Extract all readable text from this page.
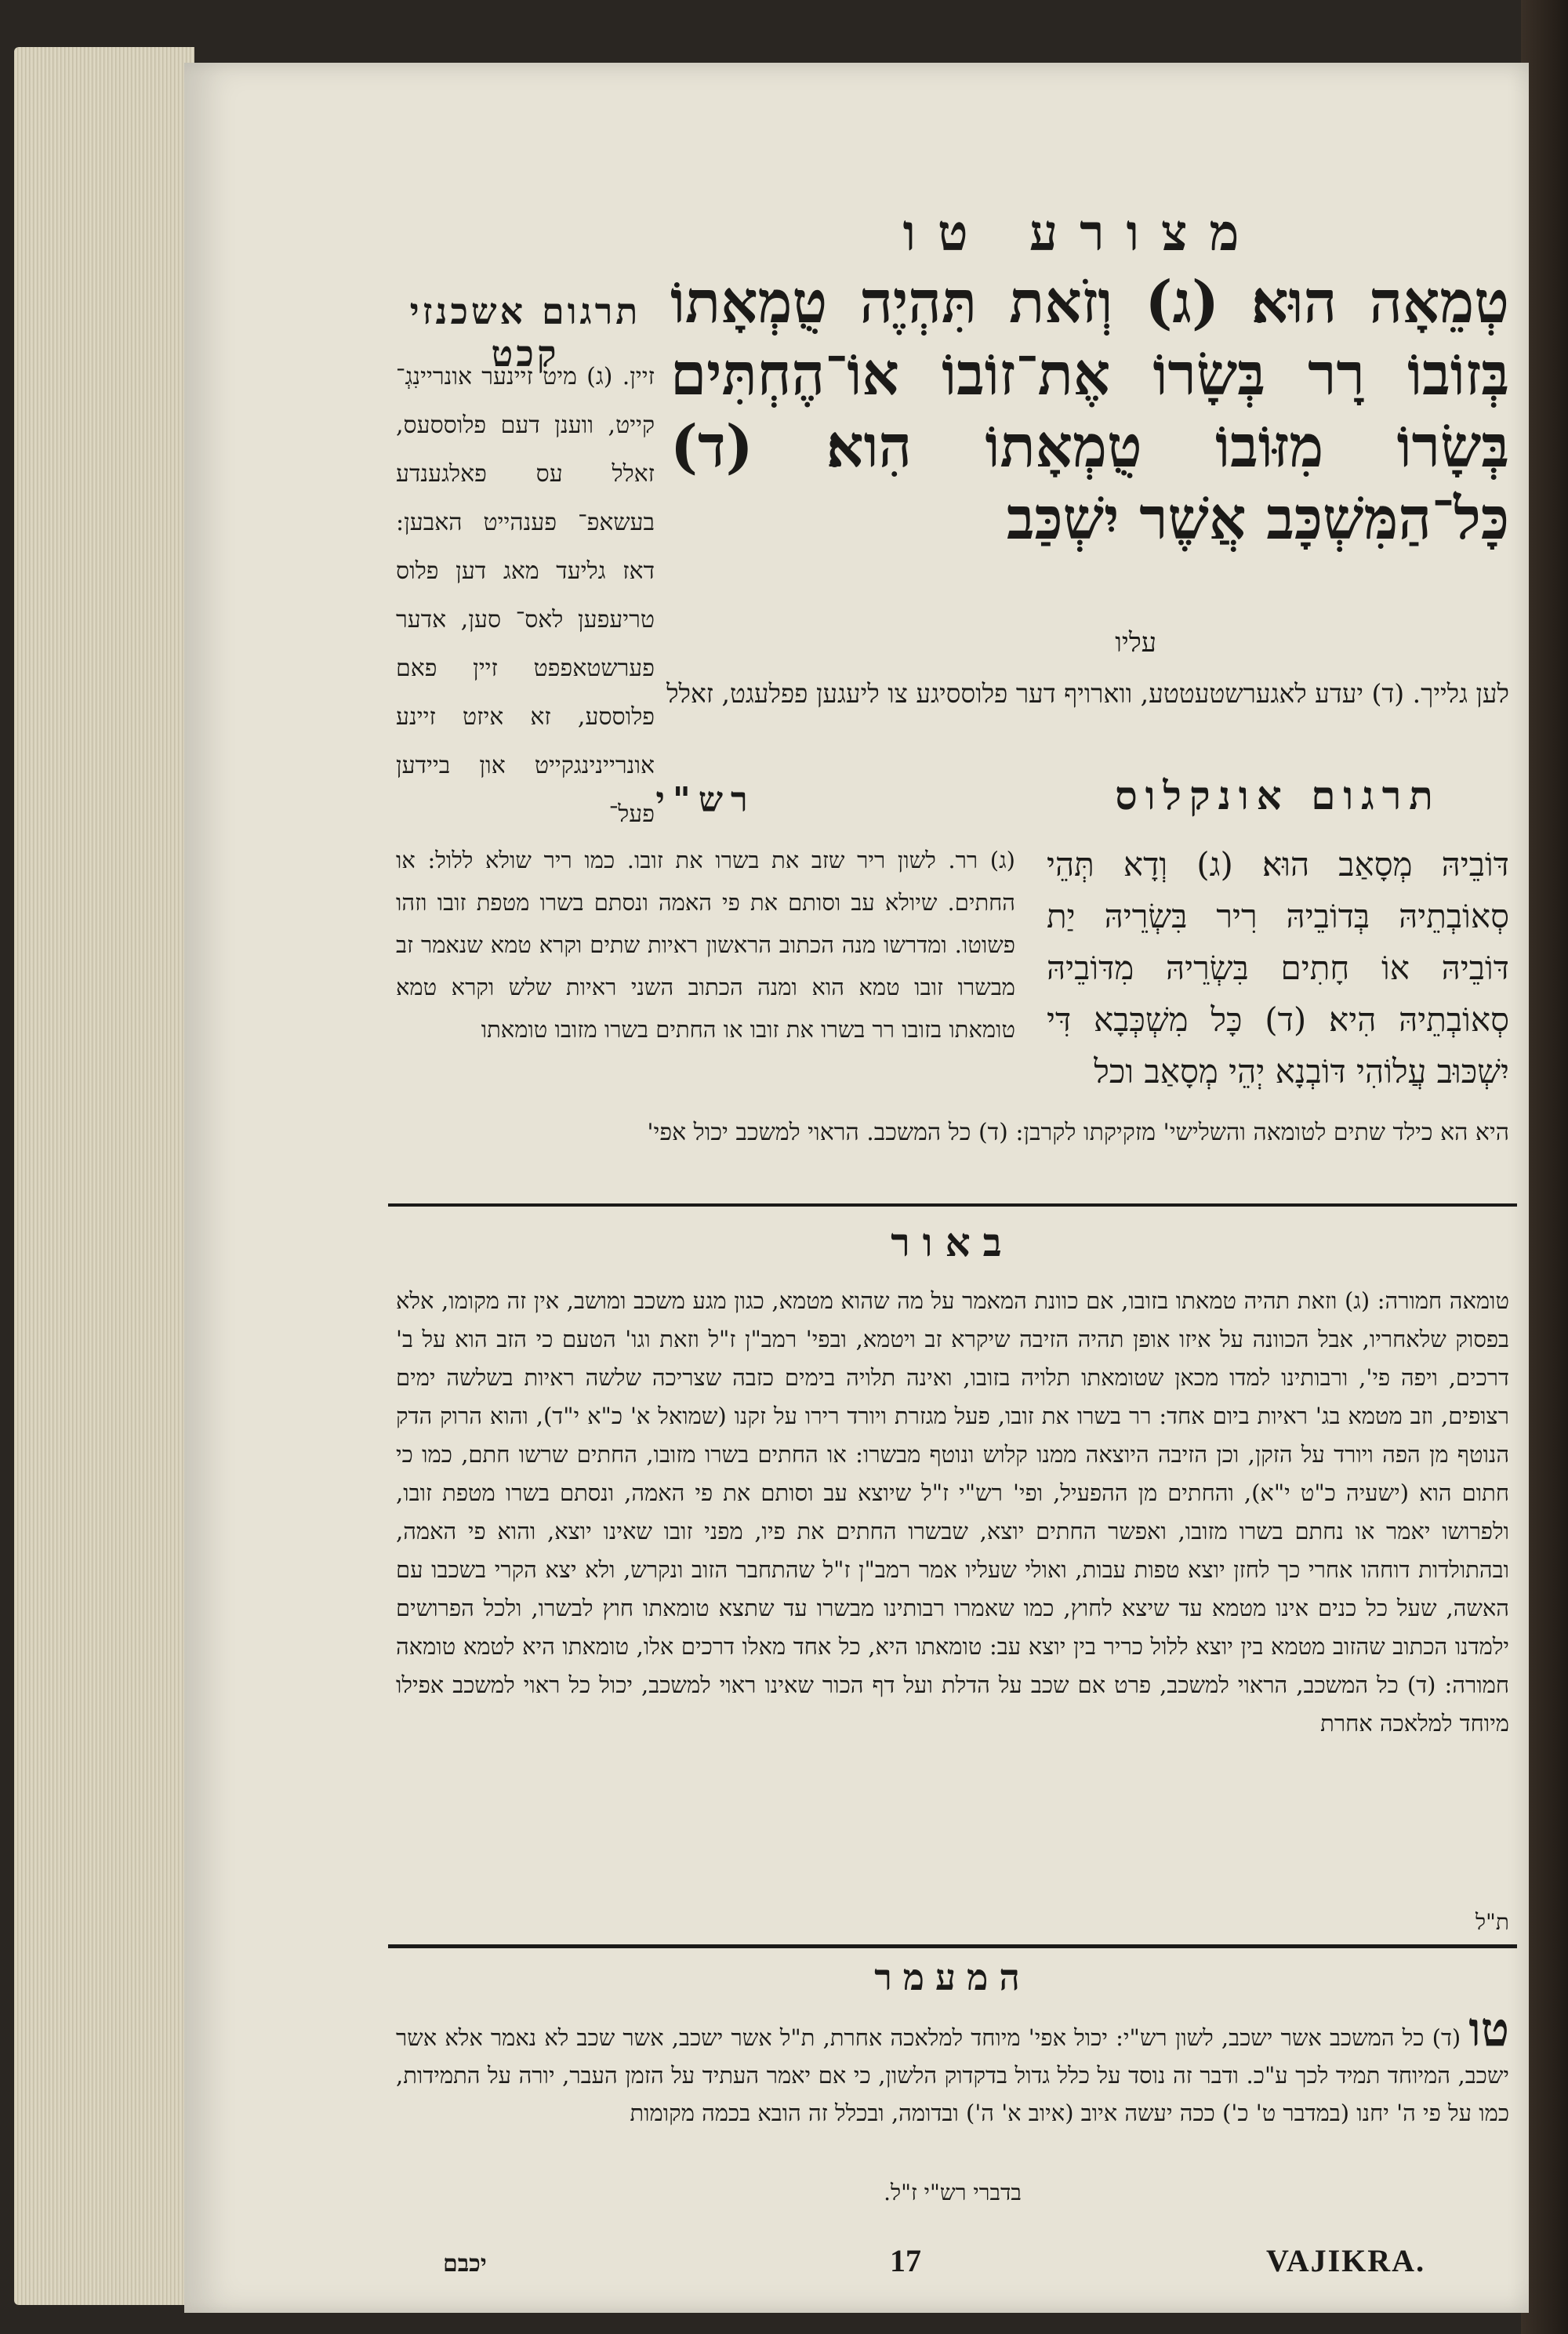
מצורע טו
טְמֵאָה הוּא׃ (ג) וְזֹאת תִּהְיֶה טֻמְאָתוֹ בְּזוֹבוֹ רָר בְּשָׂרוֹ אֶת־זוֹבוֹ אוֹ־הֶחְתִּים בְּשָׂרוֹ מִזּוֹבוֹ טֻמְאָתוֹ הִוא׃ (ד) כָּל־הַמִּשְׁכָּב אֲשֶׁר יִשְׁכַּב
עליו
תרגום אשכנזי קכט
זיין. (ג) מיט זיינער אונריינִגְ־ קייט, ווענן דעם פלוססעס, זאלל עס פאלגענדע בעשאפ־ פענהייט האבען: דאז גליעד מאג דען פלוס טריעפען לאס־ סען, אדער פערשטאפפט זיין פאם פלוססע, זא איזט זיינע אונריינינגקייט און ביידען פעל־
לען גלייך. (ד) יעדע לאגערשטעטטע, ווארויף דער פלוססיגע צו ליעגען פפלעגט, זאלל
תרגום אונקלוס
דּוֹבֵיהּ מְסָאַב הוּא׃ (ג) וְדָא תְּהֵי סְאוֹבְתֵיהּ בְּדוֹבֵיהּ רִיר בִּשְׂרֵיהּ יַת דּוֹבֵיהּ אוֹ חָתִים בִּשְׂרֵיהּ מִדּוֹבֵיהּ סְאוֹבְתֵיהּ הִיא׃ (ד) כָּל מִשְׁכְּבָא דִּי יִשְׁכּוּב עֲלוֹהִי דּוֹבְנָא יְהֵי מְסָאַב וכל
רש"י
(ג) רר. לשון ריר שזב את בשרו את זובו. כמו ריר שולא ללול: או החתים. שיולא עב וסותם את פי האמה ונסתם בשרו מטפת זובו וזהו פשוטו. ומדרשו מנה הכתוב הראשון ראיות שתים וקרא טמא שנאמר זב מבשרו זובו טמא הוא ומנה הכתוב השני ראיות שלש וקרא טמא טומאתו בזובו רר בשרו את זובו או החתים בשרו מזובו טומאתו
היא הא כילד שתים לטומאה והשלישי' מזקיקתו לקרבן: (ד) כל המשכב. הראוי למשכב יכול אפי'
באור
טומאה חמורה: (ג) וזאת תהיה טמאתו בזובו, אם כוונת המאמר על מה שהוא מטמא, כגון מגע משכב ומושב, אין זה מקומו, אלא בפסוק שלאחריו, אבל הכוונה על איזו אופן תהיה הזיבה שיקרא זב ויטמא, ובפי' רמב"ן ז"ל וזאת וגו' הטעם כי הזב הוא על ב' דרכים, ויפה פי', ורבותינו למדו מכאן שטומאתו תלויה בזובו, ואינה תלויה בימים כזבה שצריכה שלשה ראיות בשלשה ימים רצופים, וזב מטמא בג' ראיות ביום אחד: רר בשרו את זובו, פעל מגזרת ויורד רירו על זקנו (שמואל א' כ"א י"ד), והוא הרוק הדק הנוטף מן הפה ויורד על הזקן, וכן הזיבה היוצאה ממנו קלוש ונוטף מבשרו: או החתים בשרו מזובו, החתים שרשו חתם, כמו כי חתום הוא (ישעיה כ"ט י"א), והחתים מן ההפעיל, ופי' רש"י ז"ל שיוצא עב וסותם את פי האמה, ונסתם בשרו מטפת זובו, ולפרושו יאמר או נחתם בשרו מזובו, ואפשר החתים יוצא, שבשרו החתים את פיו, מפני זובו שאינו יוצא, והוא פי האמה, ובהתולדות דוחהו אחרי כך לחזן יוצא טפות עבות, ואולי שעליו אמר רמב"ן ז"ל שהתחבר הזוב ונקרש, ולא יצא הקרי בשכבו עם האשה, שעל כל כנים אינו מטמא עד שיצא לחוץ, כמו שאמרו רבותינו מבשרו עד שתצא טומאתו חוץ לבשרו, ולכל הפרושים ילמדנו הכתוב שהזוב מטמא בין יוצא ללול כריר בין יוצא עב: טומאתו היא, כל אחד מאלו דרכים אלו, טומאתו היא לטמא טומאה חמורה: (ד) כל המשכב, הראוי למשכב, פרט אם שכב על הדלת ועל דף הכור שאינו ראוי למשכב, יכול כל ראוי למשכב אפילו מיוחד למלאכה אחרת
ת"ל
המעמר
טו (ד) כל המשכב אשר ישכב, לשון רש"י: יכול אפי' מיוחד למלאכה אחרת, ת"ל אשר ישכב, אשר שכב לא נאמר אלא אשר ישכב, המיוחד תמיד לכך ע"כ. ודבר זה נוסד על כלל גדול בדקדוק הלשון, כי אם יאמר העתיד על הזמן העבר, יורה על התמידות, כמו על פי ה' יחנו (במדבר ט' כ') ככה יעשה איוב (איוב א' ה') ובדומה, ובכלל זה הובא בכמה מקומות
בדברי רש"י ז"ל.
יכבם	17	VAJIKRA.
